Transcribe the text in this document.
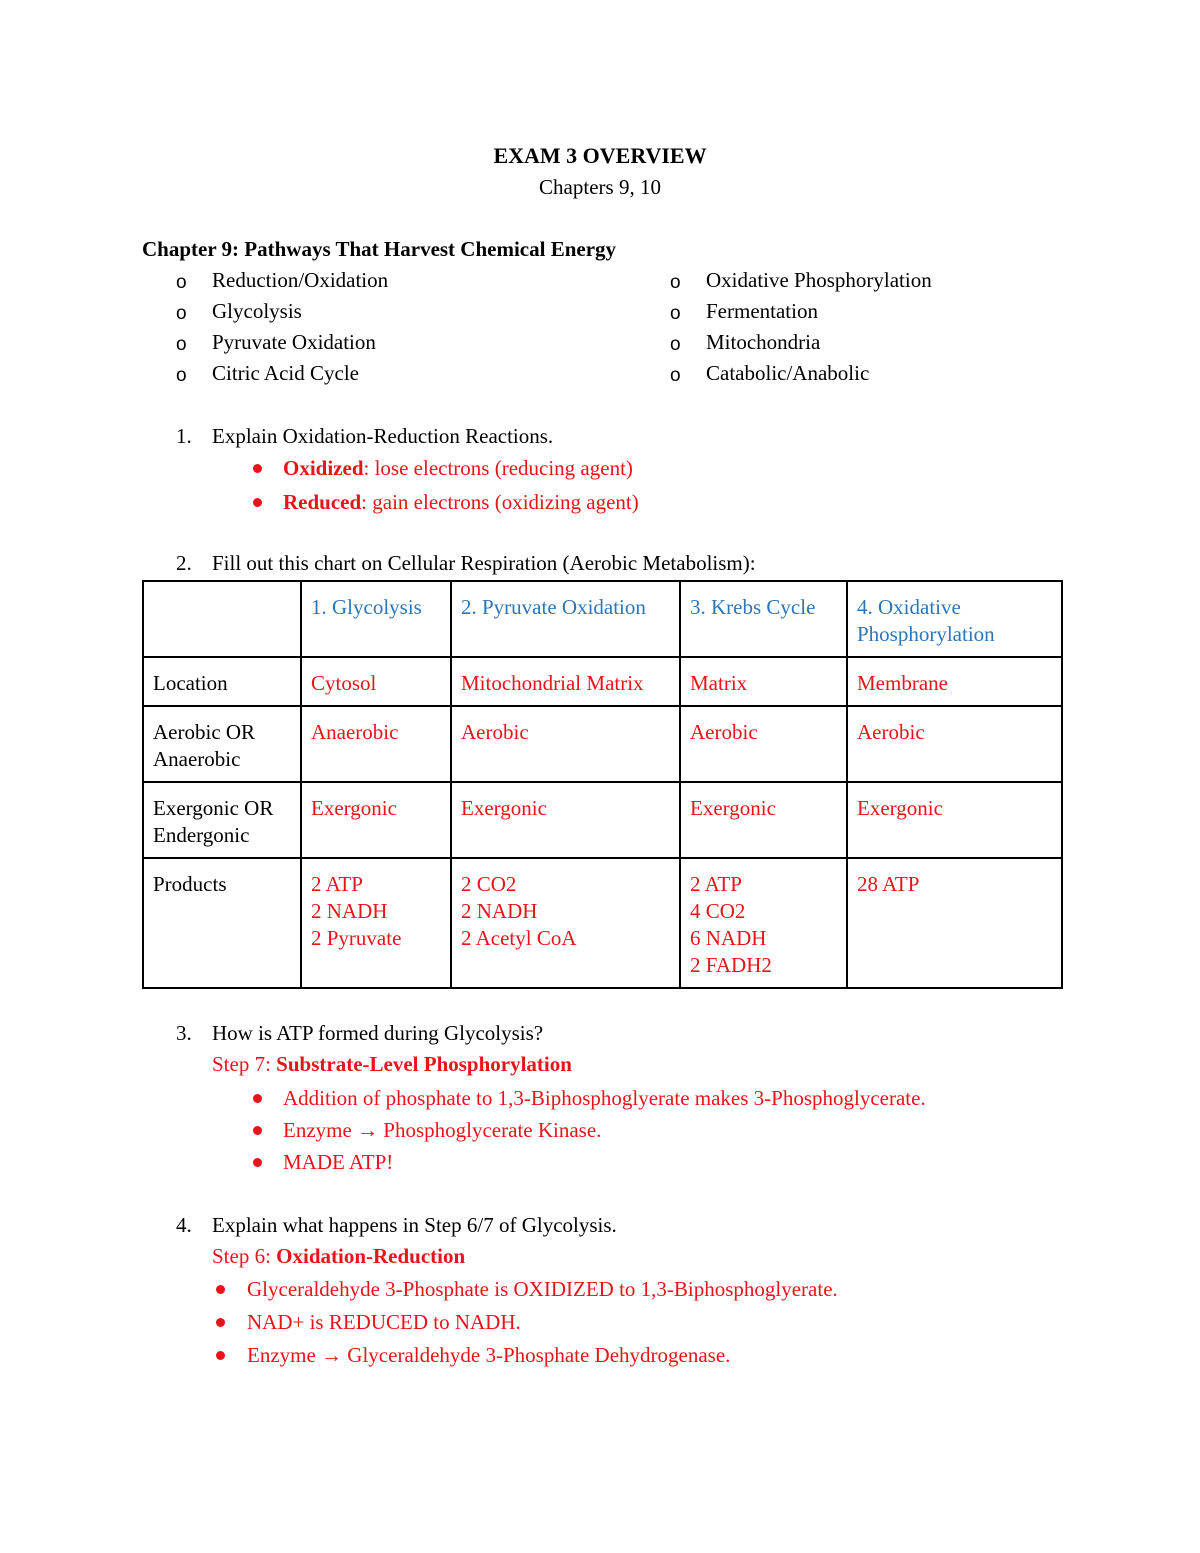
EXAM 3 OVERVIEW
Chapters 9, 10
Chapter 9: Pathways That Harvest Chemical Energy
o Reduction/Oxidation
o Glycolysis
o Pyruvate Oxidation
o Citric Acid Cycle
o Oxidative Phosphorylation
o Fermentation
o Mitochondria
o Catabolic/Anabolic
1. Explain Oxidation-Reduction Reactions.
Oxidized: lose electrons (reducing agent)
Reduced: gain electrons (oxidizing agent)
2. Fill out this chart on Cellular Respiration (Aerobic Metabolism):
	1. Glycolysis	2. Pyruvate Oxidation	3. Krebs Cycle	4. Oxidative Phosphorylation
Location	Cytosol	Mitochondrial Matrix	Matrix	Membrane
Aerobic OR Anaerobic	Anaerobic	Aerobic	Aerobic	Aerobic
Exergonic OR Endergonic	Exergonic	Exergonic	Exergonic	Exergonic
Products	2 ATP
2 NADH
2 Pyruvate	2 CO2
2 NADH
2 Acetyl CoA	2 ATP
4 CO2
6 NADH
2 FADH2	28 ATP
3. How is ATP formed during Glycolysis?
Step 7: Substrate-Level Phosphorylation
Addition of phosphate to 1,3-Biphosphoglyerate makes 3-Phosphoglycerate.
Enzyme → Phosphoglycerate Kinase.
MADE ATP!
4. Explain what happens in Step 6/7 of Glycolysis.
Step 6: Oxidation-Reduction
Glyceraldehyde 3-Phosphate is OXIDIZED to 1,3-Biphosphoglyerate.
NAD+ is REDUCED to NADH.
Enzyme → Glyceraldehyde 3-Phosphate Dehydrogenase.
